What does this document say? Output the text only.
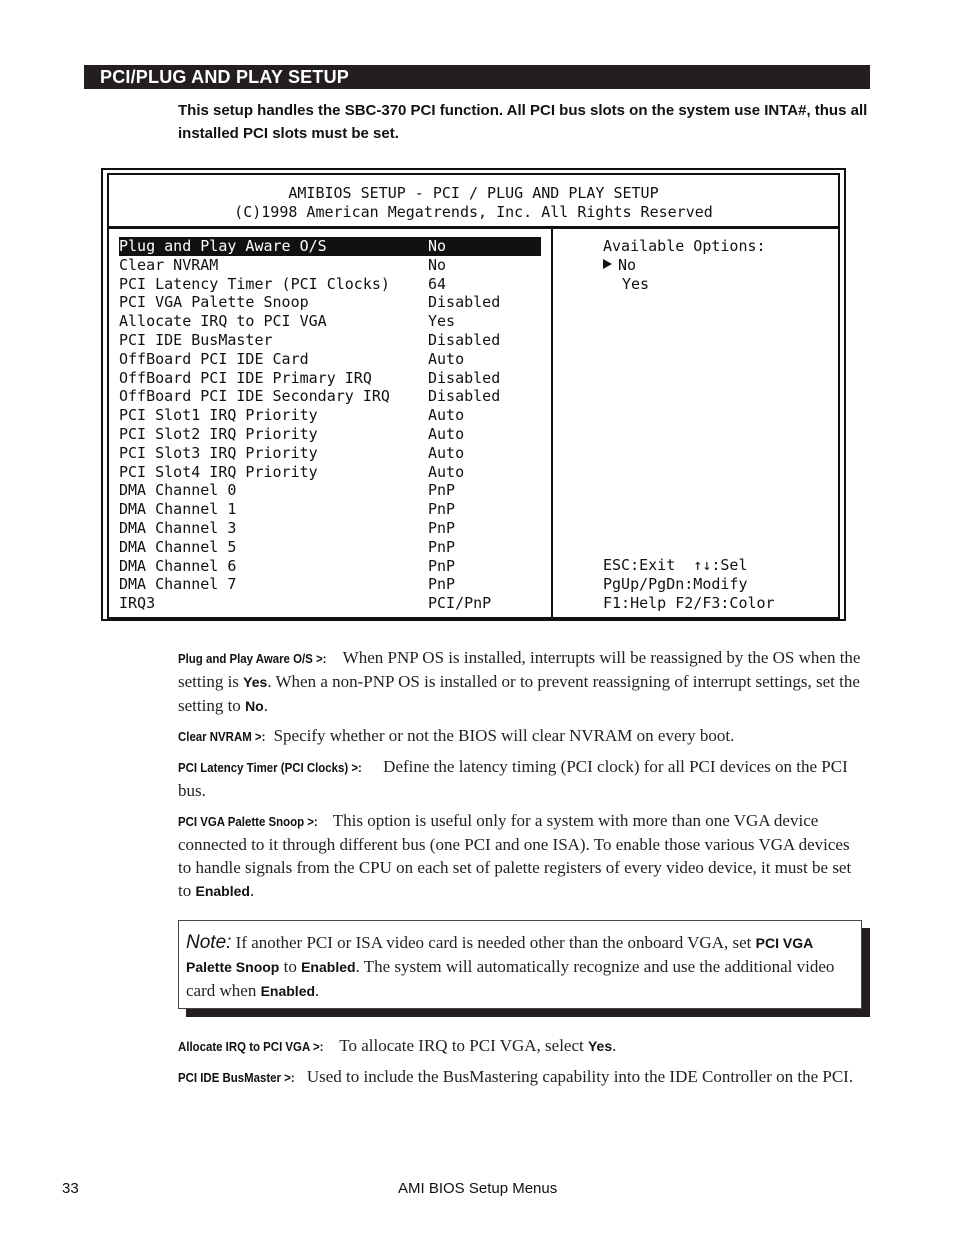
PCI/PLUG AND PLAY SETUP
This setup handles the SBC-370 PCI function. All PCI bus slots on the system use INTA#, thus all installed PCI slots must be set.
AMIBIOS SETUP - PCI / PLUG AND PLAY SETUP
(C)1998 American Megatrends, Inc. All Rights Reserved
Plug and Play Aware O/S	No
Clear NVRAM	No
PCI Latency Timer (PCI Clocks)	64
PCI VGA Palette Snoop	Disabled
Allocate IRQ to PCI VGA	Yes
PCI IDE BusMaster	Disabled
OffBoard PCI IDE Card	Auto
OffBoard PCI IDE Primary IRQ	Disabled
OffBoard PCI IDE Secondary IRQ	Disabled
PCI Slot1 IRQ Priority	Auto
PCI Slot2 IRQ Priority	Auto
PCI Slot3 IRQ Priority	Auto
PCI Slot4 IRQ Priority	Auto
DMA Channel 0	PnP
DMA Channel 1	PnP
DMA Channel 3	PnP
DMA Channel 5	PnP
DMA Channel 6	PnP
DMA Channel 7	PnP
IRQ3	PCI/PnP
Available Options:
No
Yes
ESC:Exit  ↑↓:Sel
PgUp/PgDn:Modify
F1:Help F2/F3:Color
Plug and Play Aware O/S >: When PNP OS is installed, interrupts will be reassigned by the OS when the setting is Yes. When a non-PNP OS is installed or to prevent reassigning of interrupt settings, set the setting to No.
Clear NVRAM >: Specify whether or not the BIOS will clear NVRAM on every boot.
PCI Latency Timer (PCI Clocks) >: Define the latency timing (PCI clock) for all PCI devices on the PCI bus.
PCI VGA Palette Snoop >: This option is useful only for a system with more than one VGA device connected to it through different bus (one PCI and one ISA). To enable those various VGA devices to handle signals from the CPU on each set of palette registers of every video device, it must be set to Enabled.
Note: If another PCI or ISA video card is needed other than the onboard VGA, set PCI VGA Palette Snoop to Enabled. The system will automatically recognize and use the additional video card when Enabled.
Allocate IRQ to PCI VGA >: To allocate IRQ to PCI VGA, select Yes.
PCI IDE BusMaster >: Used to include the BusMastering capability into the IDE Controller on the PCI.
33	AMI BIOS Setup Menus
